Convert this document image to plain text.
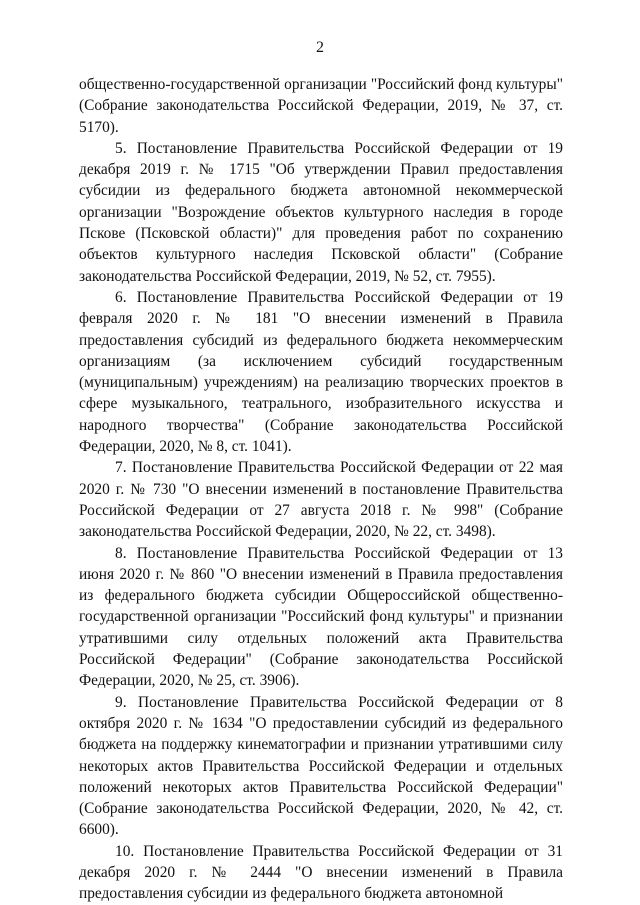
2

общественно-государственной организации "Российский фонд культуры" (Собрание законодательства Российской Федерации, 2019, № 37, ст. 5170).

5. Постановление Правительства Российской Федерации от 19 декабря 2019 г. № 1715 "Об утверждении Правил предоставления субсидии из федерального бюджета автономной некоммерческой организации "Возрождение объектов культурного наследия в городе Пскове (Псковской области)" для проведения работ по сохранению объектов культурного наследия Псковской области" (Собрание законодательства Российской Федерации, 2019, № 52, ст. 7955).

6. Постановление Правительства Российской Федерации от 19 февраля 2020 г. № 181 "О внесении изменений в Правила предоставления субсидий из федерального бюджета некоммерческим организациям (за исключением субсидий государственным (муниципальным) учреждениям) на реализацию творческих проектов в сфере музыкального, театрального, изобразительного искусства и народного творчества" (Собрание законодательства Российской Федерации, 2020, № 8, ст. 1041).

7. Постановление Правительства Российской Федерации от 22 мая 2020 г. № 730 "О внесении изменений в постановление Правительства Российской Федерации от 27 августа 2018 г. № 998" (Собрание законодательства Российской Федерации, 2020, № 22, ст. 3498).

8. Постановление Правительства Российской Федерации от 13 июня 2020 г. № 860 "О внесении изменений в Правила предоставления из федерального бюджета субсидии Общероссийской общественно-государственной организации "Российский фонд культуры" и признании утратившими силу отдельных положений акта Правительства Российской Федерации" (Собрание законодательства Российской Федерации, 2020, № 25, ст. 3906).

9. Постановление Правительства Российской Федерации от 8 октября 2020 г. № 1634 "О предоставлении субсидий из федерального бюджета на поддержку кинематографии и признании утратившими силу некоторых актов Правительства Российской Федерации и отдельных положений некоторых актов Правительства Российской Федерации" (Собрание законодательства Российской Федерации, 2020, № 42, ст. 6600).

10. Постановление Правительства Российской Федерации от 31 декабря 2020 г. № 2444 "О внесении изменений в Правила предоставления субсидии из федерального бюджета автономной
